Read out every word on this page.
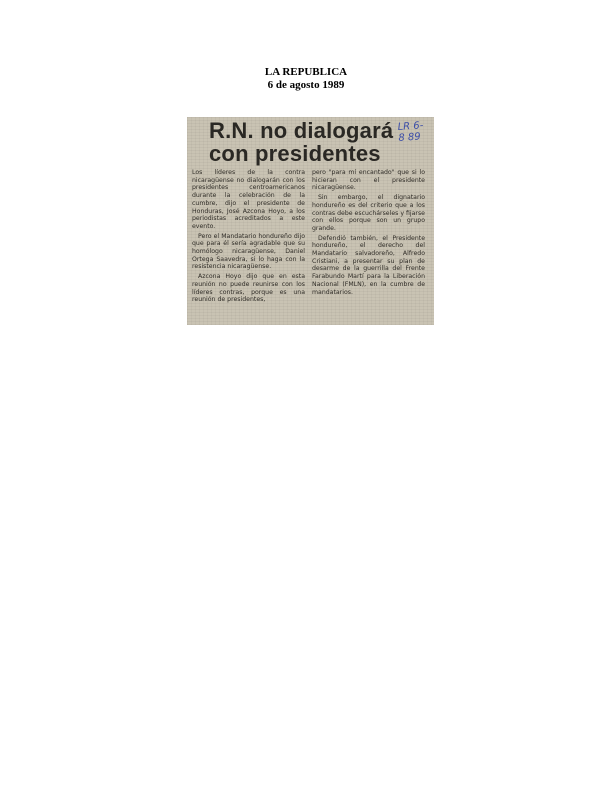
LA REPUBLICA
6 de agosto 1989
R.N. no dialogará
con presidentes
LR 6-8 89

Los líderes de la contra nicaragüense no dialogarán con los presidentes centroamericanos durante la celebración de la cumbre, dijo el presidente de Honduras, José Azcona Hoyo, a los periodistas acreditados a este evento.

Pero el Mandatario hondureño dijo que para él sería agradable que su homólogo nicaragüense, Daniel Ortega Saavedra, si lo haga con la resistencia nicaragüense.

Azcona Hoyo dijo que en esta reunión no puede reunirse con los líderes contras, porque es una reunión de presidentes,

pero "para mí encantado" que si lo hicieran con el presidente nicaragüense.

Sin embargo, el dignatario hondureño es del criterio que a los contras debe escuchárseles y fijarse con ellos porque son un grupo grande.

Defendió también, el Presidente hondureño, el derecho del Mandatario salvadoreño, Alfredo Cristiani, a presentar su plan de desarme de la guerrilla del Frente Farabundo Martí para la Liberación Nacional (FMLN), en la cumbre de mandatarios.
